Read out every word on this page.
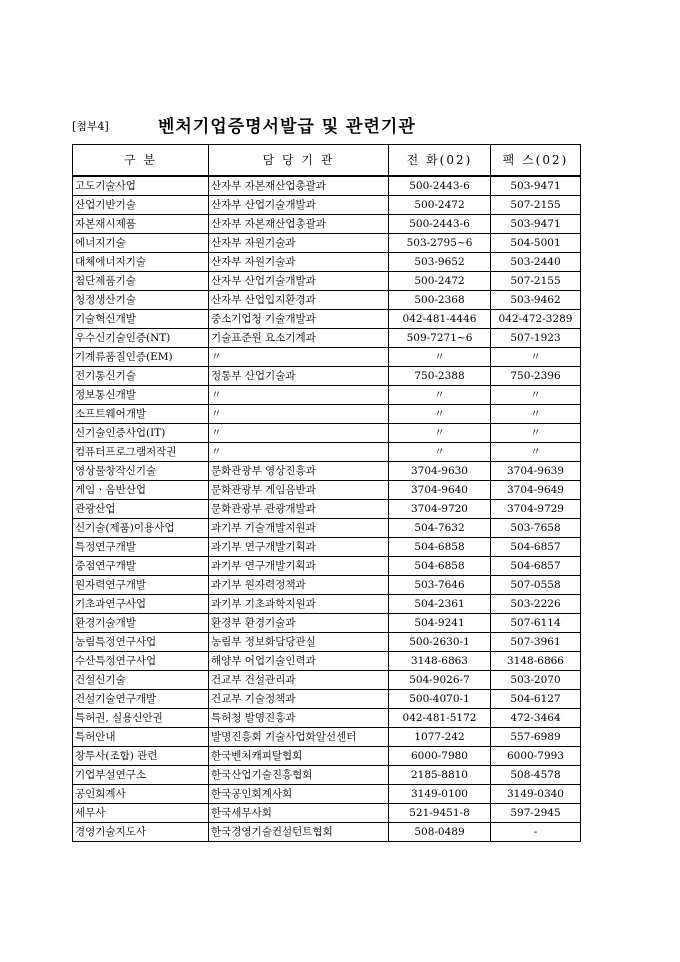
[첨부4]	벤처기업증명서발급 및 관련기관
구 분	담 당 기 관	전 화(02)	팩 스(02)
고도기술사업	산자부 자본재산업총괄과	500-2443-6	503-9471
산업기반기술	산자부 산업기술개발과	500-2472	507-2155
자본재시제품	산자부 자본재산업총괄과	500-2443-6	503-9471
에너지기술	산자부 자원기술과	503-2795~6	504-5001
대체에너지기술	산자부 자원기술과	503-9652	503-2440
첨단제품기술	산자부 산업기술개발과	500-2472	507-2155
청정생산기술	산자부 산업입지환경과	500-2368	503-9462
기술혁신개발	중소기업청 기술개발과	042-481-4446	042-472-3289
우수신기술인증(NT)	기술표준원 요소기계과	509-7271~6	507-1923
기계류품질인증(EM)	〃	〃	〃
전기통신기술	정통부 산업기술과	750-2388	750-2396
정보통신개발	〃	〃	〃
소프트웨어개발	〃	〃	〃
신기술인증사업(IT)	〃	〃	〃
컴퓨터프로그램저작권	〃	〃	〃
영상물창작신기술	문화관광부 영상진흥과	3704-9630	3704-9639
게임ㆍ음반산업	문화관광부 게임음반과	3704-9640	3704-9649
관광산업	문화관광부 관광개발과	3704-9720	3704-9729
신기술(제품)이용사업	과기부 기술개발지원과	504-7632	503-7658
특정연구개발	과기부 연구개발기획과	504-6858	504-6857
중점연구개발	과기부 연구개발기획과	504-6858	504-6857
원자력연구개발	과기부 원자력정책과	503-7646	507-0558
기초과연구사업	과기부 기초과학지원과	504-2361	503-2226
환경기술개발	환경부 환경기술과	504-9241	507-6114
농림특정연구사업	농림부 정보화담당관실	500-2630-1	507-3961
수산특정연구사업	해양부 어업기술인력과	3148-6863	3148-6866
건설신기술	건교부 건설관리과	504-9026-7	503-2070
건설기술연구개발	건교부 기술정책과	500-4070-1	504-6127
특허권, 실용신안권	특허청 발명진흥과	042-481-5172	472-3464
특허안내	발명진흥회 기술사업화알선센터	1077-242	557-6989
창투사(조합) 관련	한국벤처캐피탈협회	6000-7980	6000-7993
기업부설연구소	한국산업기술진흥협회	2185-8810	508-4578
공인회계사	한국공인회계사회	3149-0100	3149-0340
세무사	한국세무사회	521-9451-8	597-2945
경영기술지도사	한국경영기술컨설턴트협회	508-0489	-
